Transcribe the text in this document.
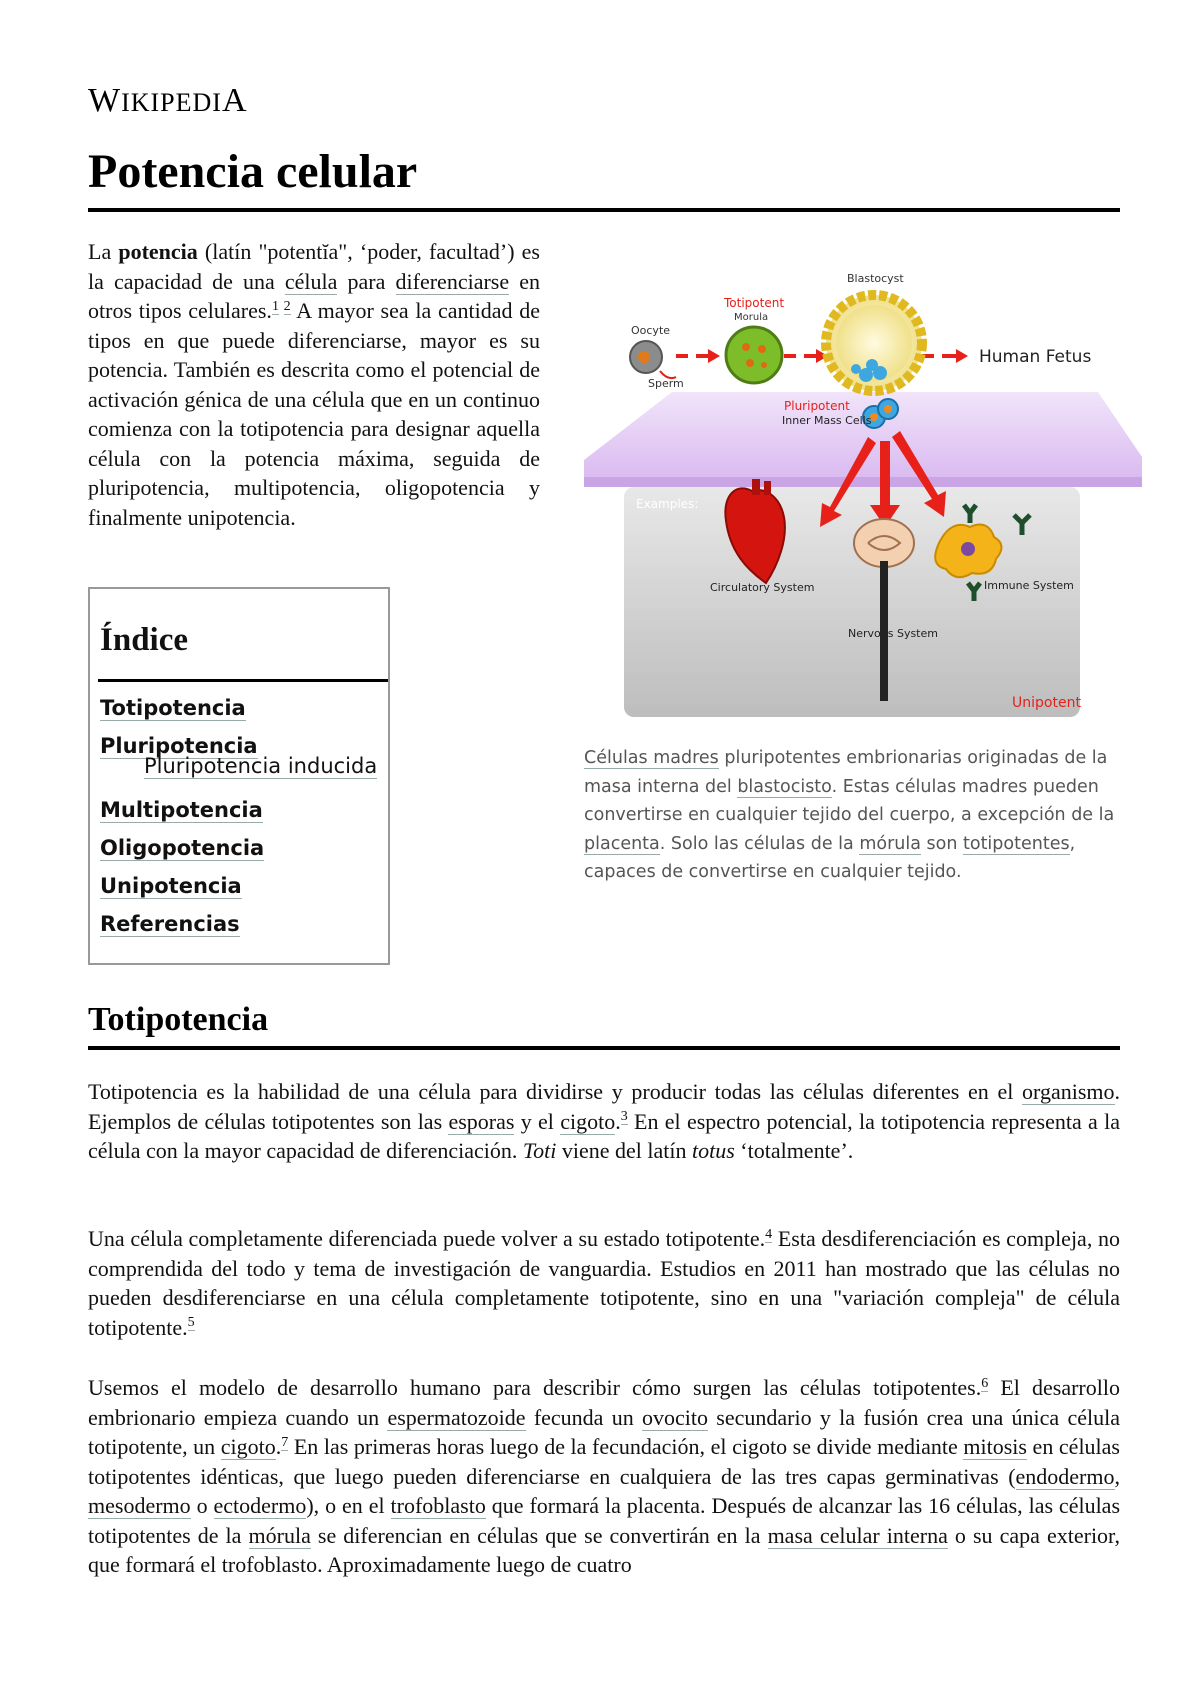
WIKIPEDIA
Potencia celular
La potencia (latín "potentĭa", ‘poder, facultad’) es la capacidad de una célula para diferenciarse en otros tipos celulares.$^{1 2}$ A mayor sea la cantidad de tipos en que puede diferenciarse, mayor es su potencia. También es descrita como el potencial de activación génica de una célula que en un continuo comienza con la totipotencia para designar aquella célula con la potencia máxima, seguida de pluripotencia, multipotencia, oligopotencia y finalmente unipotencia.
Índice
Totipotencia
Pluripotencia
Pluripotencia inducida
Multipotencia
Oligopotencia
Unipotencia
Referencias
Oocyte
Sperm
Totipotent
Morula
Blastocyst
Human Fetus
Pluripotent
Inner Mass Cells
Examples:
Circulatory System
Nervous System
Immune System
Unipotent
Células madres pluripotentes embrionarias originadas de la masa interna del blastocisto. Estas células madres pueden convertirse en cualquier tejido del cuerpo, a excepción de la placenta. Solo las células de la mórula son totipotentes, capaces de convertirse en cualquier tejido.
Totipotencia
Totipotencia es la habilidad de una célula para dividirse y producir todas las células diferentes en el organismo. Ejemplos de células totipotentes son las esporas y el cigoto.$^3$ En el espectro potencial, la totipotencia representa a la célula con la mayor capacidad de diferenciación. Toti viene del latín totus ‘totalmente’.
Una célula completamente diferenciada puede volver a su estado totipotente.$^4$ Esta desdiferenciación es compleja, no comprendida del todo y tema de investigación de vanguardia. Estudios en 2011 han mostrado que las células no pueden desdiferenciarse en una célula completamente totipotente, sino en una "variación compleja" de célula totipotente.$^5$
Usemos el modelo de desarrollo humano para describir cómo surgen las células totipotentes.$^6$ El desarrollo embrionario empieza cuando un espermatozoide fecunda un ovocito secundario y la fusión crea una única célula totipotente, un cigoto.$^7$ En las primeras horas luego de la fecundación, el cigoto se divide mediante mitosis en células totipotentes idénticas, que luego pueden diferenciarse en cualquiera de las tres capas germinativas (endodermo, mesodermo o ectodermo), o en el trofoblasto que formará la placenta. Después de alcanzar las 16 células, las células totipotentes de la mórula se diferencian en células que se convertirán en la masa celular interna o su capa exterior, que formará el trofoblasto. Aproximadamente luego de cuatro
